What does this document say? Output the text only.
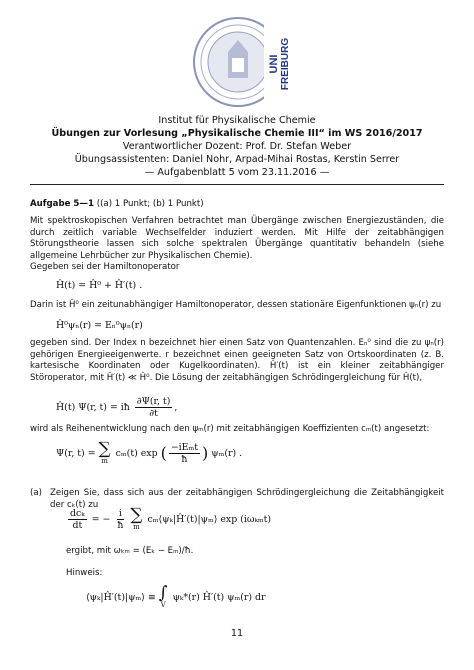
UNI FREIBURG
Institut für Physikalische Chemie
Übungen zur Vorlesung „Physikalische Chemie III“ im WS 2016/2017
Verantwortlicher Dozent: Prof. Dr. Stefan Weber
Übungsassistenten: Daniel Nohr, Arpad-Mihai Rostas, Kerstin Serrer
— Aufgabenblatt 5 vom 23.11.2016 —
Aufgabe 5—1 ((a) 1 Punkt; (b) 1 Punkt)
Mit spektroskopischen Verfahren betrachtet man Übergänge zwischen Energiezuständen, die durch zeitlich variable Wechselfelder induziert werden. Mit Hilfe der zeitabhängigen Störungstheorie lassen sich solche spektralen Übergänge quantitativ behandeln (siehe allgemeine Lehrbücher zur Physikalischen Chemie).
Gegeben sei der Hamiltonoperator
Ĥ(t) = Ĥ⁰ + Ĥ′(t) .
Darin ist Ĥ⁰ ein zeitunabhängiger Hamiltonoperator, dessen stationäre Eigenfunktionen ψₙ(r) zu
Ĥ⁰ψₙ(r) = Eₙ⁰ψₙ(r)
gegeben sind. Der Index n bezeichnet hier einen Satz von Quantenzahlen. Eₙ⁰ sind die zu ψₙ(r) gehörigen Energieeigenwerte. r bezeichnet einen geeigneten Satz von Ortskoordinaten (z. B. kartesische Koordinaten oder Kugelkoordinaten). Ĥ′(t) ist ein kleiner zeitabhängiger Störoperator, mit Ĥ′(t) ≪ Ĥ⁰. Die Lösung der zeitabhängigen Schrödingergleichung für Ĥ(t),
Ĥ(t) Ψ(r, t) = iħ $\frac{\partial\Psi(r, t)}{\partial t}$ ,
wird als Reihenentwicklung nach den ψₘ(r) mit zeitabhängigen Koeffizienten cₘ(t) angesetzt:
Ψ(r, t) = ∑
m
cₘ(t) exp ( $\frac{\text{−iEₘt}}{ħ}$ ) ψₘ(r) .
(a) Zeigen Sie, dass sich aus der zeitabhängigen Schrödingergleichung die Zeitabhängigkeit der cₖ(t) zu
$\frac{\text{dcₖ}}{dt}$ = − $\frac{i}{ħ}$
∑
m
cₘ⟨ψₖ|Ĥ′(t)|ψₘ⟩ exp (iωₖₘt)
ergibt, mit ωₖₘ = (Eₖ − Eₘ)/ħ.
Hinweis:
⟨ψₖ|Ĥ′(t)|ψₘ⟩ ≡ ∫
V
ψₖ*(r) Ĥ′(t) ψₘ(r) dr
11
